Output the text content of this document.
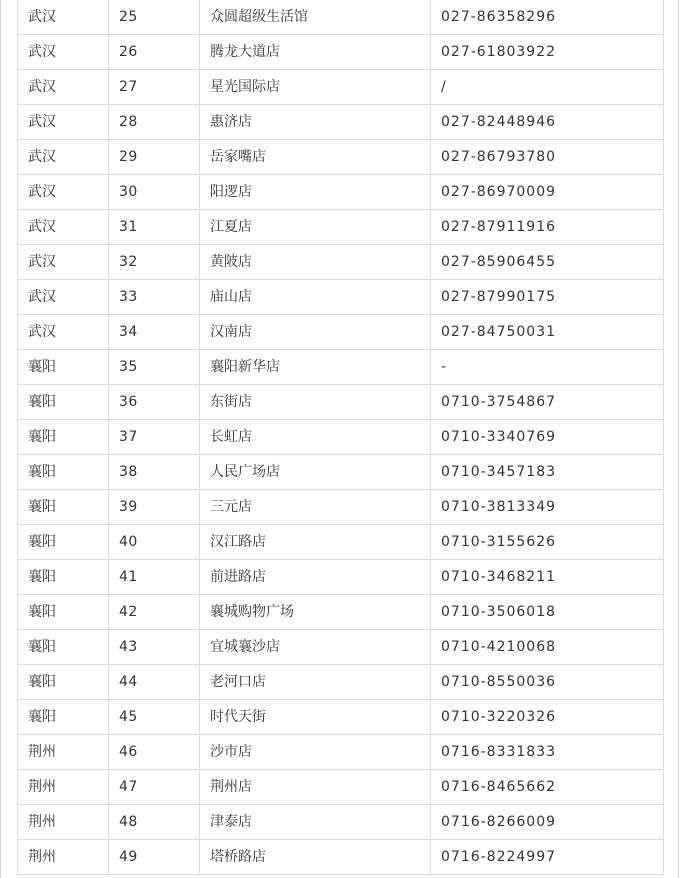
武汉	25	众圆超级生活馆	027-86358296
武汉	26	腾龙大道店	027-61803922
武汉	27	星光国际店	/
武汉	28	惠济店	027-82448946
武汉	29	岳家嘴店	027-86793780
武汉	30	阳逻店	027-86970009
武汉	31	江夏店	027-87911916
武汉	32	黄陂店	027-85906455
武汉	33	庙山店	027-87990175
武汉	34	汉南店	027-84750031
襄阳	35	襄阳新华店	-
襄阳	36	东街店	0710-3754867
襄阳	37	长虹店	0710-3340769
襄阳	38	人民广场店	0710-3457183
襄阳	39	三元店	0710-3813349
襄阳	40	汉江路店	0710-3155626
襄阳	41	前进路店	0710-3468211
襄阳	42	襄城购物广场	0710-3506018
襄阳	43	宜城襄沙店	0710-4210068
襄阳	44	老河口店	0710-8550036
襄阳	45	时代天街	0710-3220326
荆州	46	沙市店	0716-8331833
荆州	47	荆州店	0716-8465662
荆州	48	津泰店	0716-8266009
荆州	49	塔桥路店	0716-8224997
